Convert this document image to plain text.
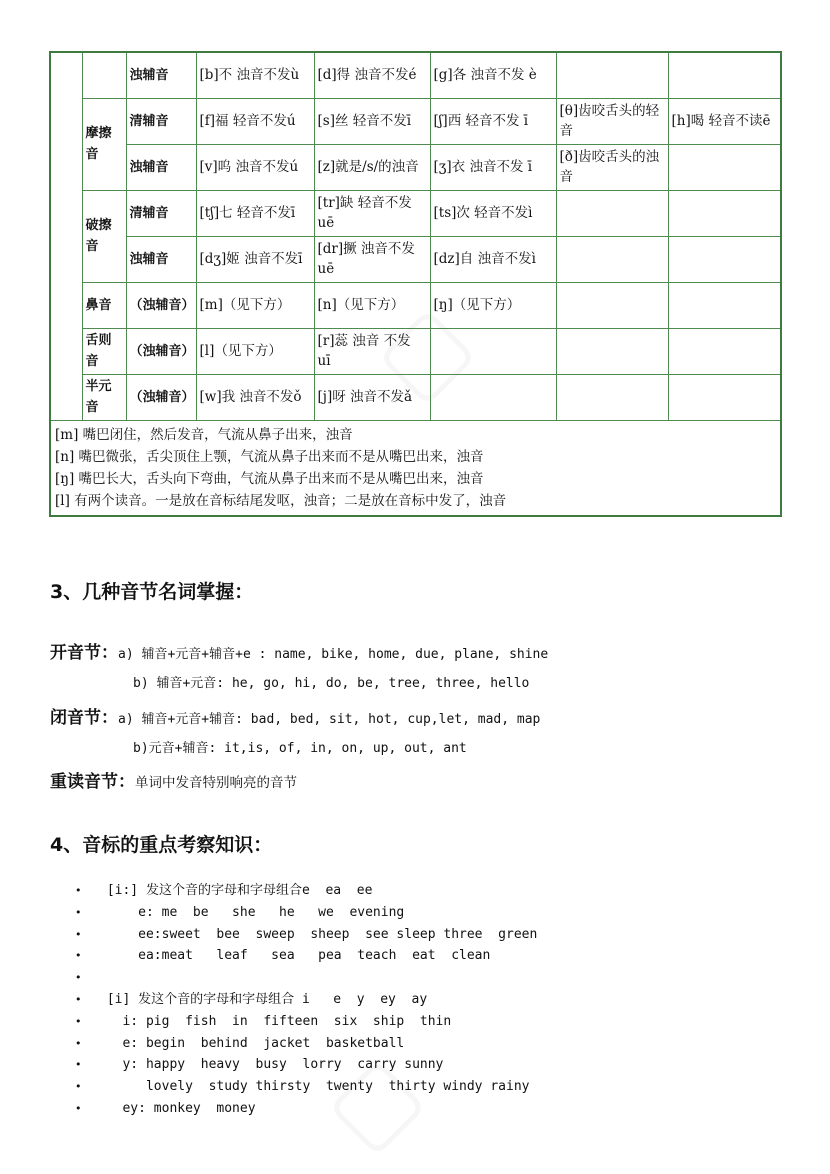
		浊辅音	[b]不 浊音不发ù	[d]得 浊音不发é	[g]各 浊音不发 è		
	摩擦音	清辅音	[f]福 轻音不发ú	[s]丝 轻音不发ī	[ʃ]西 轻音不发 ī	[θ]齿咬舌头的轻音	[h]喝 轻音不读ē
		浊辅音	[v]呜 浊音不发ú	[z]就是/s/的浊音	[ʒ]衣 浊音不发 ī	[ð]齿咬舌头的浊音	
	破擦音	清辅音	[tʃ]七 轻音不发ī	[tr]缺 轻音不发 uē	[ts]次 轻音不发ì		
		浊辅音	[dʒ]姬 浊音不发ī	[dr]撅 浊音不发 uē	[dz]自 浊音不发ì		
	鼻音	（浊辅音）	[m]（见下方）	[n]（见下方）	[ŋ]（见下方）		
	舌则音	（浊辅音）	[l]（见下方）	[r]蕊 浊音 不发 uī			
	半元音	（浊辅音）	[w]我 浊音不发ǒ	[j]呀 浊音不发ǎ			

[m] 嘴巴闭住，然后发音，气流从鼻子出来，浊音
[n] 嘴巴微张，舌尖顶住上颚，气流从鼻子出来而不是从嘴巴出来，浊音
[ŋ] 嘴巴长大，舌头向下弯曲，气流从鼻子出来而不是从嘴巴出来，浊音
[l] 有两个读音。一是放在音标结尾发呕，浊音；二是放在音标中发了，浊音							
3、几种音节名词掌握：
开音节：a) 辅音+元音+辅音+e : name, bike, home, due, plane, shine
b) 辅音+元音: he, go, hi, do, be, tree, three, hello
闭音节：a) 辅音+元音+辅音: bad, bed, sit, hot, cup,let, mad, map
b)元音+辅音: it,is, of, in, on, up, out, ant
重读音节：单词中发音特别响亮的音节
4、音标的重点考察知识：
• [i:] 发这个音的字母和字母组合e  ea  ee
• e: me  be   she   he   we  evening
• ee:sweet  bee  sweep  sheep  see sleep three  green
• ea:meat   leaf   sea   pea  teach  eat  clean
•
• [i] 发这个音的字母和字母组合 i   e  y  ey  ay
• i: pig  fish  in  fifteen  six  ship  thin
• e: begin  behind  jacket  basketball
• y: happy  heavy  busy  lorry  carry sunny
• lovely  study thirsty  twenty  thirty windy rainy
• ey: monkey  money
